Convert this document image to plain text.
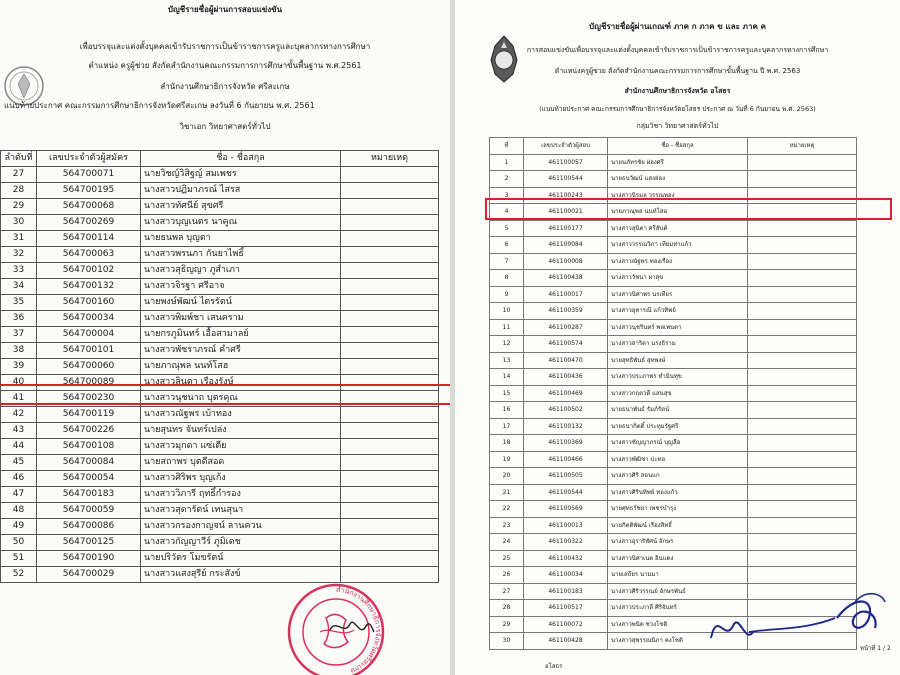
บัญชีรายชื่อผู้ผ่านการสอบแข่งขัน
เพื่อบรรจุและแต่งตั้งบุคคลเข้ารับราชการเป็นข้าราชการครูและบุคลากรทางการศึกษา
ตำแหน่ง ครูผู้ช่วย สังกัดสำนักงานคณะกรรมการการศึกษาขั้นพื้นฐาน พ.ศ.2561
สำนักงานศึกษาธิการจังหวัด ศรีสะเกษ
แนบท้ายประกาศ คณะกรรมการศึกษาธิการจังหวัดศรีสะเกษ ลงวันที่ 6 กันยายน พ.ศ. 2561
วิชาเอก วิทยาศาสตร์ทั่วไป
ลำดับที่	เลขประจำตัวผู้สมัคร	ชื่อ - ชื่อสกุล	หมายเหตุ
27	564700071	นายวิชญ์วิสิฐญ์ สมเพชร	
28	564700195	นางสาวปฏิมาภรณ์ ไสรส	
29	564700068	นางสาวทัศนีย์ สุขศรี	
30	564700269	นางสาวบุญเนตร นาคูณ	
31	564700114	นายธนพล บุญตา	
32	564700063	นางสาวพรนภา กันยาไพธิ์	
33	564700102	นางสาวสุธิญญา ภูสำเภา	
34	564700132	นางสาวจิรฐา ศรีอาจ	
35	564700160	นายพงษ์พัฒน์ ไตรรัตน์	
36	564700034	นางสาวพิมพ์ชา เสนคราม	
37	564700004	นายกรภูมินทร์ เอื้อสามาลย์	
38	564700101	นางสาวพัชราภรณ์ คำศรี	
39	564700060	นายภาณุพล นนท์โสฮ	
40	564700089	นางสาวลินดา เรืองรังษ์	
41	564700230	นางสาวนุชนาถ บุตรคุณ	
42	564700119	นางสาวณัฐพร เบ้าทอง	
43	564700226	นายสุนทร จันทร์เปล่ง	
44	564700108	นางสาวมุกดา แซ่เตีย	
45	564700084	นายสถาพร บุตดีสอด	
46	564700054	นางสาวศิริพร บุญเก้ง	
47	564700183	นางสาววิภารี ฤทธิ์กำรอง	
48	564700059	นางสาวสุดารัตน์ เทนสุนา	
49	564700086	นางสาวกรองกาญจน์ ลานควน	
50	564700125	นางสาวกัญญาวีร์ ภูมิเดช	
51	564700190	นายปริวัตร โมขรัตน์	
52	564700029	นางสาวแสงสุรีย์ กระสังข์	
สำนักงานศึกษาธิการจังหวัดศรีสะเกษ
บัญชีรายชื่อผู้ผ่านเกณฑ์ ภาค ก ภาค ข และ ภาค ค
การสอบแข่งขันเพื่อบรรจุและแต่งตั้งบุคคลเข้ารับราชการเป็นข้าราชการครูและบุคลากรทางการศึกษา
ตำแหน่งครูผู้ช่วย สังกัดสำนักงานคณะกรรมการการศึกษาขั้นพื้นฐาน ปี พ.ศ. 2563
สำนักงานศึกษาธิการจังหวัด อโสธร
(แนบท้ายประกาศ คณะกรรมการศึกษาธิการจังหวัดยโสธร ประกาศ ณ วันที่ 6 กันยายน พ.ศ. 2563)
กลุ่มวิชา วิทยาศาสตร์ทั่วไป
ที่	เลขประจำตัวผู้สอบ	ชื่อ - ชื่อสกุล	หมายเหตุ
1	461100057	นายนภัทรชัย ผ่องศรี	
2	461100544	นายธนวัฒน์ แสงย่อง	
3	461100243	นางสาวนิรมล วรรณทอง	
4	461100021	นายภาณุพล นนท์โสฮ	
5	461100177	นางสาวสุนิตา ศรีสันต์	
6	461100084	นางสาววรรณวิภา เทียมท่าแก้ว	
7	461100008	นางสาวณัฐพร ทองเรือง	
8	461100438	นางสาววัชนา ผาสุข	
9	461100017	นางสาวนิศาพร นรเทียร	
10	461100359	นางสาวอุทารณี แก้วทิพย์	
11	461100287	นางสาวนุชรินทร์ พลเพนตา	
12	461100574	นางสาวสาริตา นรงธิราม	
13	461100470	นายสุทธิพันธ์ สุทพงษ์	
14	461100436	นางสาวประภาพร ทำมินทุข	
15	461100469	นางสาวกฤตวดี แสนสุข	
16	461100502	นายธนาพันธ์ รัมภ์รัตน์	
17	461100132	นายธนากิตติ์ ประทุมรัฐศรี	
18	461100369	นางสาวชัญญาภรณ์ บุญลือ	
19	461100466	นางสาวพัฒิชา ปะทอ	
20	461100505	นางสาวศิริ สอนแก	
21	461100544	นางสาวศิรินทิพย์ ทองแก้ว	
22	461100569	นายศุทธรัชยา เพชรบำรุง	
23	461100013	นายกิตติพัฒน์ เรืองสิทธิ์	
24	461100322	นางสาวอุราริทัศน์ อักษร	
25	461100432	นางสาวนิศาเนต อินแดง	
26	461100034	นายเสถียร นามมา	
27	461100183	นางสาวศิริวรรณย์ อักษรพันธ์	
28	461100517	นางสาวประภาลี ศิริจันทร์	
29	461100072	นางสาวพนิต ช่วงโชติ	
30	461100428	นางสาวสุพรรณนิภา คงโชติ	
อโสธร
หน้าที่ 1 / 2
